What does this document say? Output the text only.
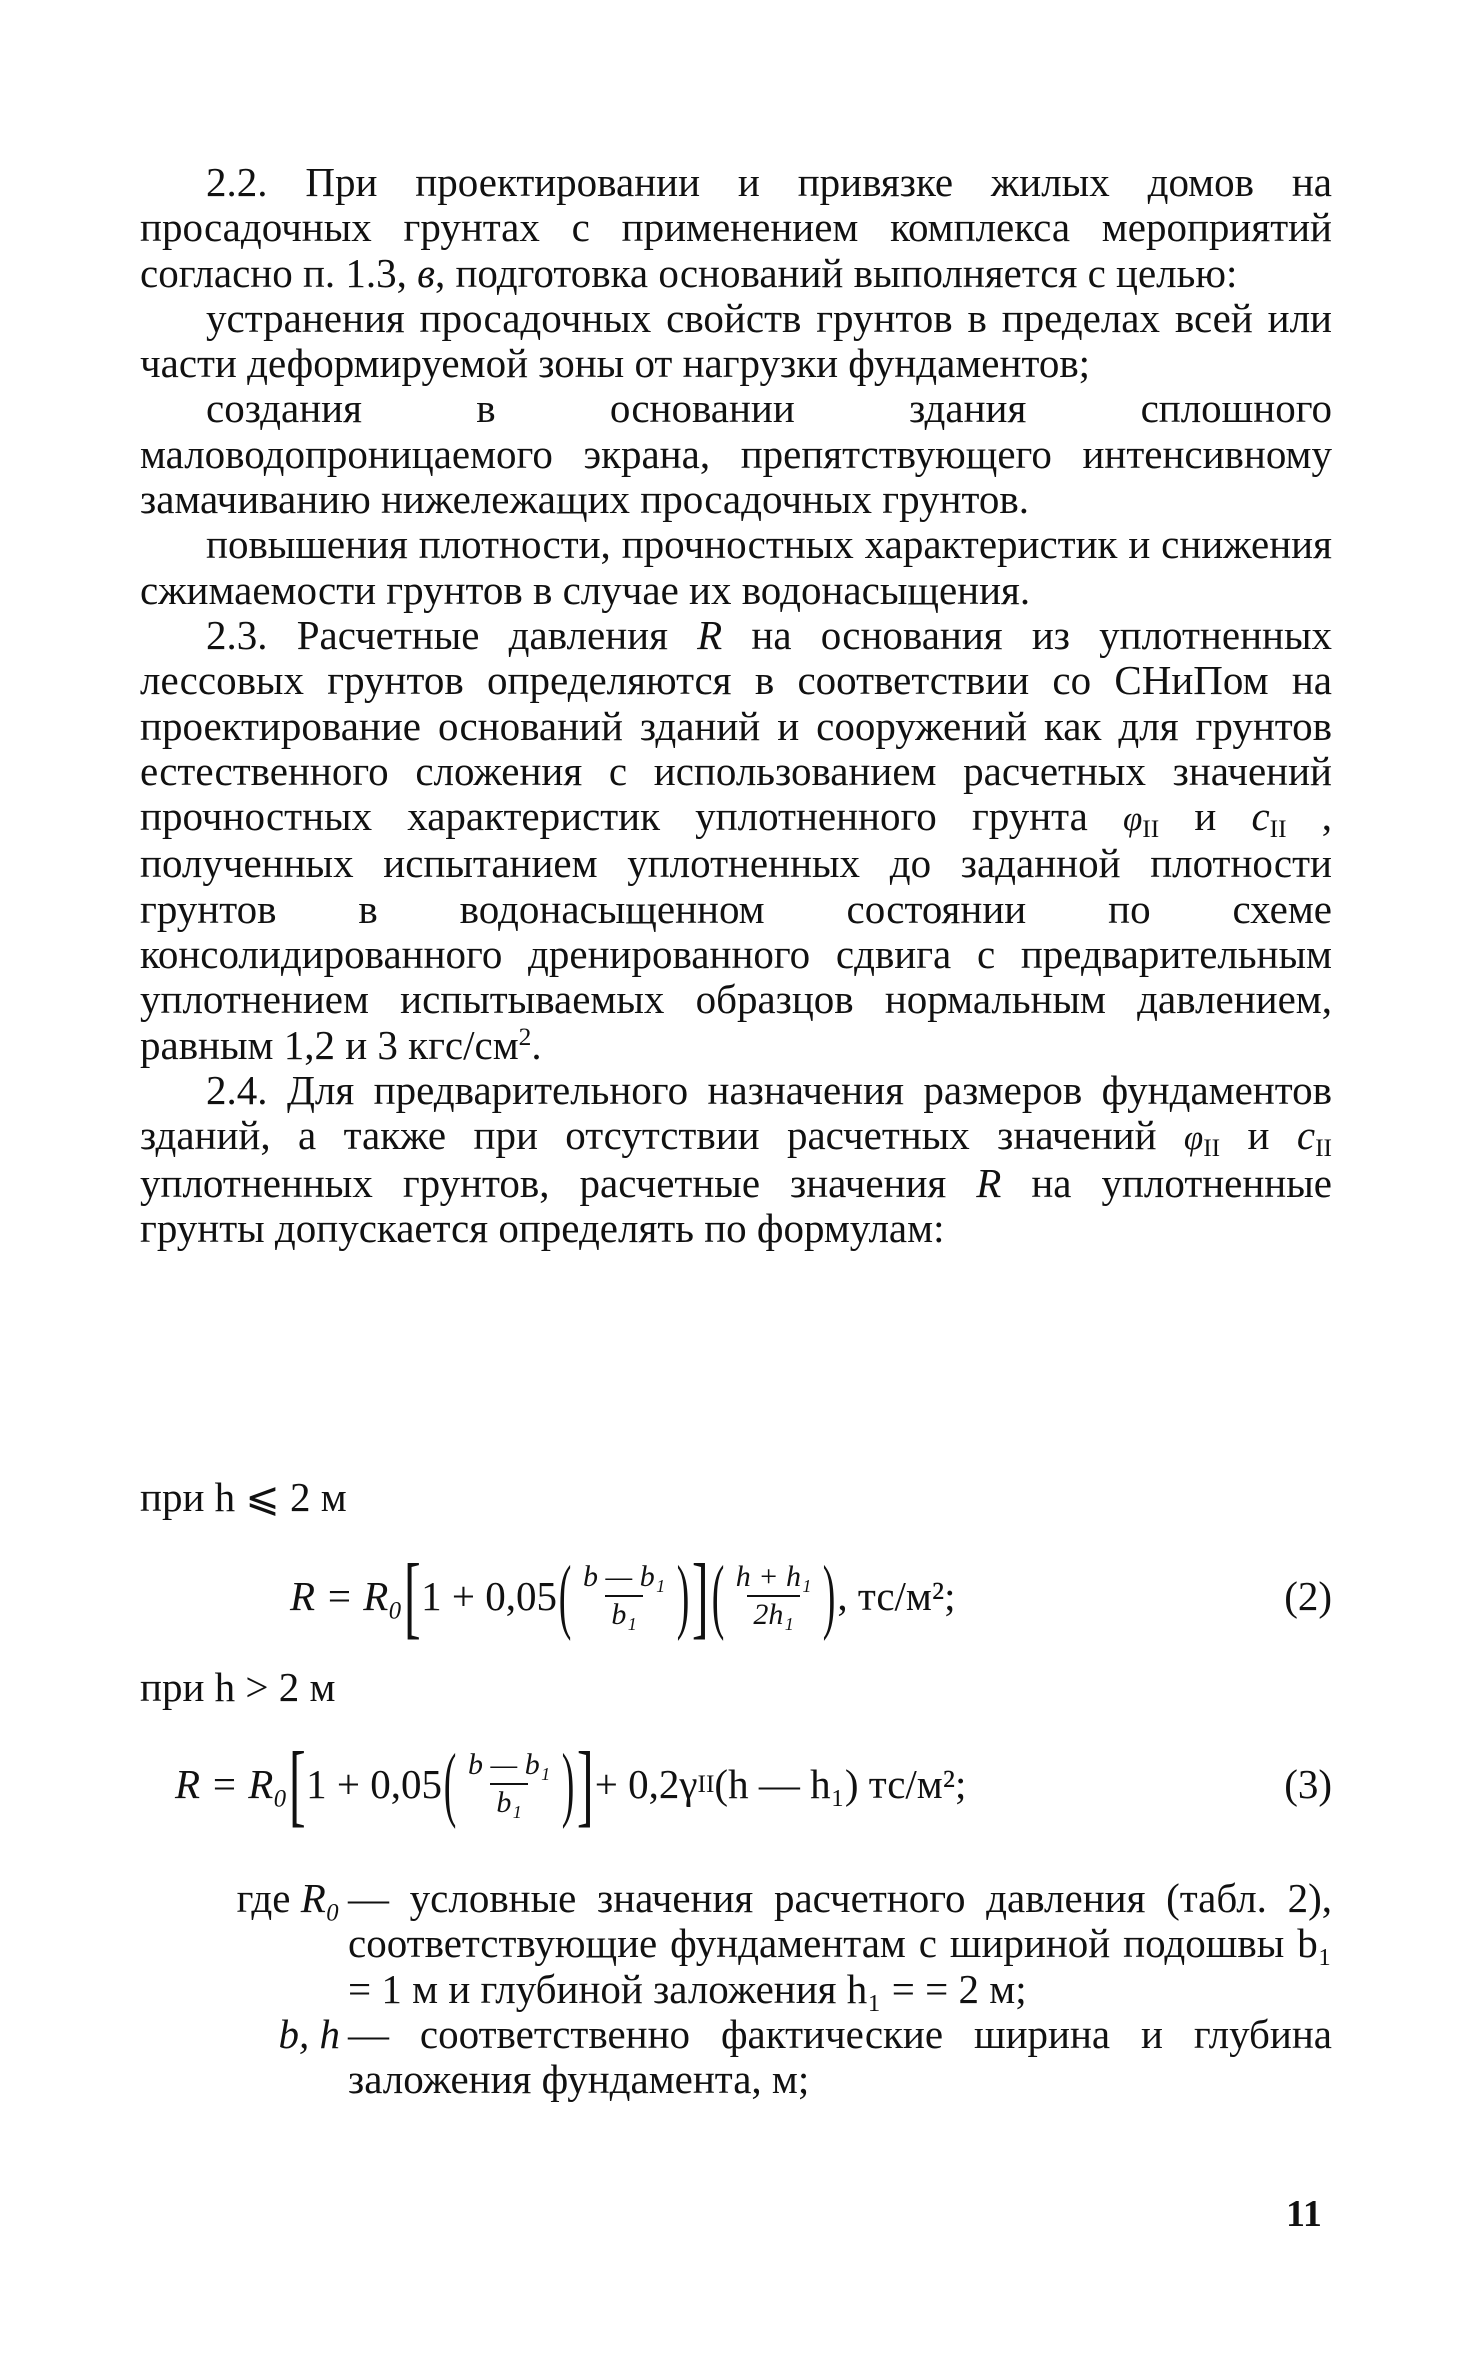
2.2. При проектировании и привязке жилых домов на просадочных грунтах с применением комплекса мероприятий согласно п. 1.3, в, подготовка оснований выполняется с целью:

устранения просадочных свойств грунтов в пределах всей или части деформируемой зоны от нагрузки фундаментов;

создания в основании здания сплошного маловодопроницаемого экрана, препятствующего интенсивному замачиванию нижележащих просадочных грунтов.

повышения плотности, прочностных характеристик и снижения сжимаемости грунтов в случае их водонасыщения.

2.3. Расчетные давления R на основания из уплотненных лессовых грунтов определяются в соответствии со СНиПом на проектирование оснований зданий и сооружений как для грунтов естественного сложения с использованием расчетных значений прочностных характеристик уплотненного грунта $\varphi_{II}$ и $c_{II}$ , полученных испытанием уплотненных до заданной плотности грунтов в водонасыщенном состоянии по схеме консолидированного дренированного сдвига с предварительным уплотнением испытываемых образцов нормальным давлением, равным 1,2 и 3 кгс/$см^2$.

2.4. Для предварительного назначения размеров фундаментов зданий, а также при отсутствии расчетных значений $\varphi_{II}$ и $c_{II}$ уплотненных грунтов, расчетные значения R на уплотненные грунты допускается определять по формулам:

при h ⩽ 2 м
R = R₀ [ 1 + 0,05 ( $\frac{\text{b — b₁}}{\text{b₁}}$ ) ] ( $\frac{\text{h + h₁}}{\text{2h₁}}$ ) , тс/м²;	(2)
при h > 2 м
R = R₀ [ 1 + 0,05 ( $\frac{\text{b — b₁}}{\text{b₁}}$ ) ] + 0,2γ II (h — h₁) тс/м²;	(3)
где R₀ — условные значения расчетного давления (табл. 2), соответствующие фундаментам с шириной подошвы b₁ = 1 м и глубиной заложения h₁ = = 2 м;
b, h — соответственно фактические ширина и глубина заложения фундамента, м;
11
